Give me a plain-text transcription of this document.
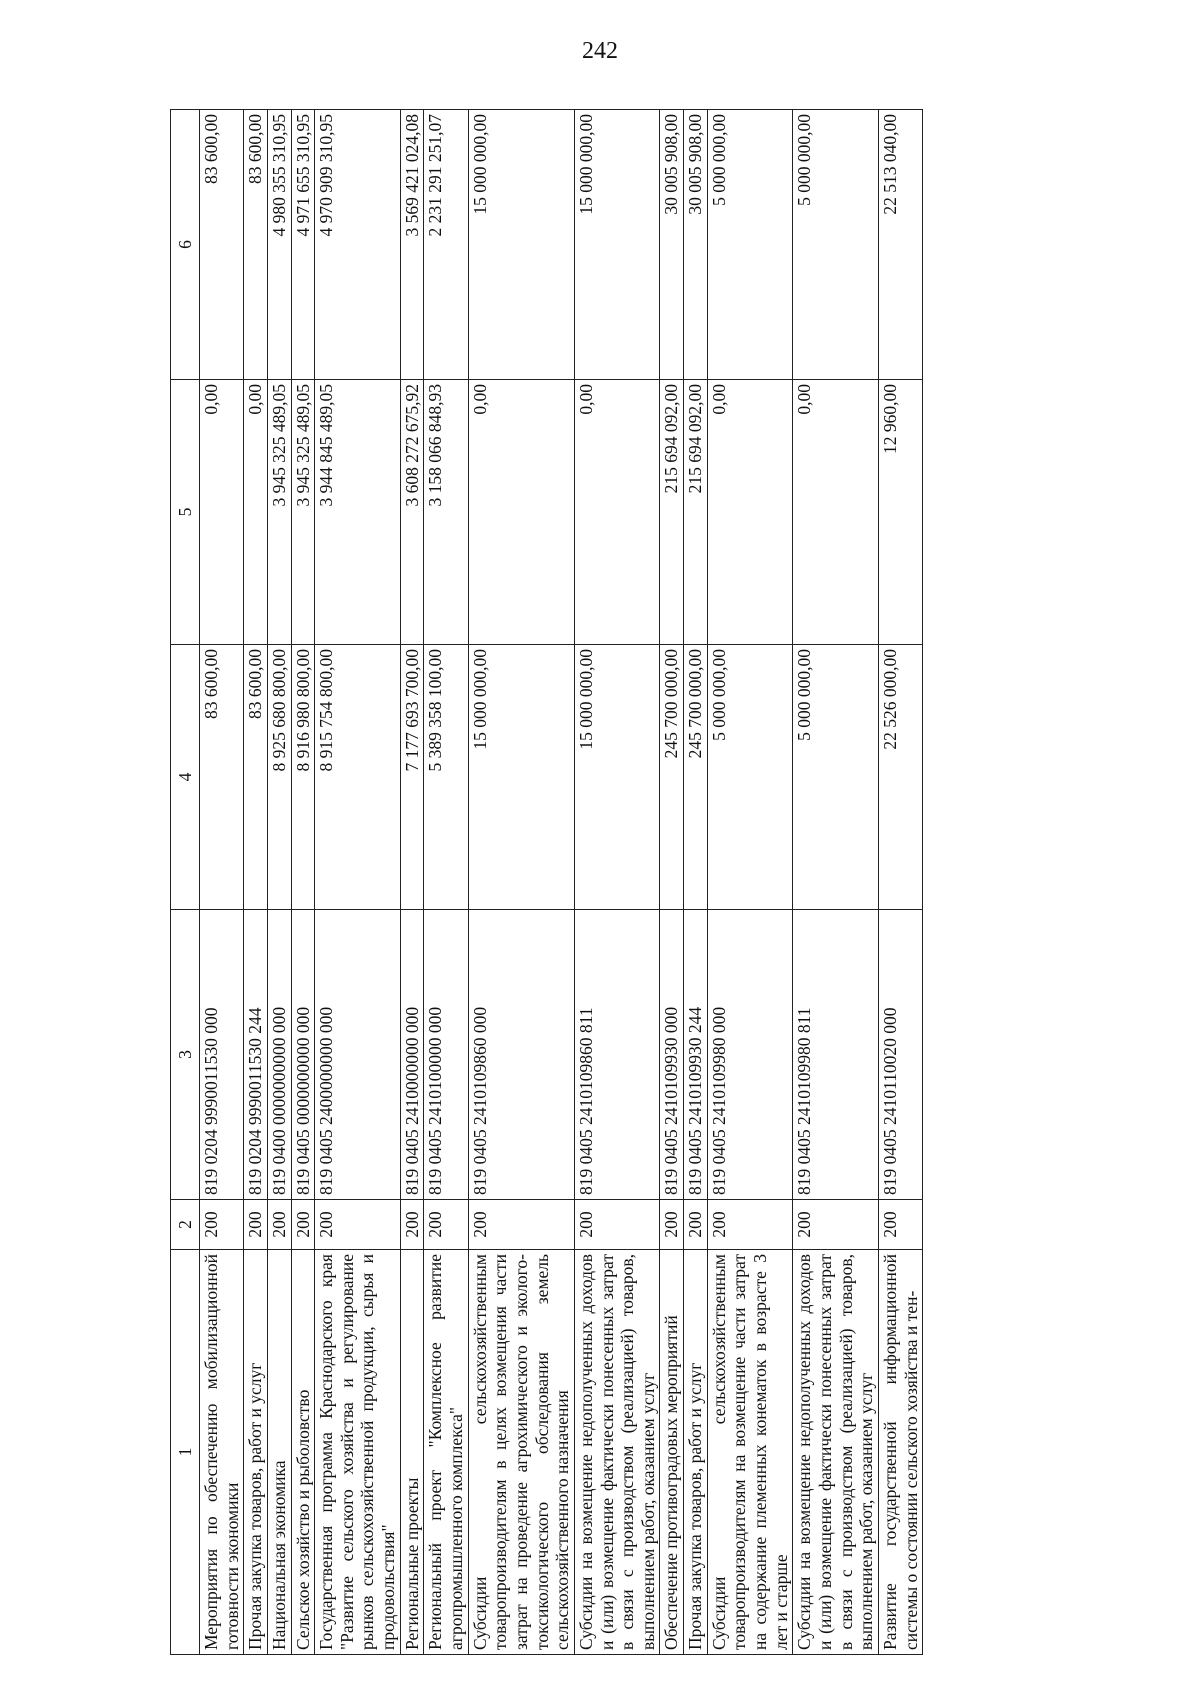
242
1	2	3	4	5	6
Мероприятия по обеспечению мобилизационной готовности экономики	200	819 0204 9990011530 000	83 600,00	0,00	83 600,00
Прочая закупка товаров, работ и услуг	200	819 0204 9990011530 244	83 600,00	0,00	83 600,00
Национальная экономика	200	819 0400 0000000000 000	8 925 680 800,00	3 945 325 489,05	4 980 355 310,95
Сельское хозяйство и рыболовство	200	819 0405 0000000000 000	8 916 980 800,00	3 945 325 489,05	4 971 655 310,95
Государственная программа Краснодарского края "Развитие сельского хозяйства и регулирование рынков сельскохозяйственной продукции, сырья и продовольствия"	200	819 0405 2400000000 000	8 915 754 800,00	3 944 845 489,05	4 970 909 310,95
Региональные проекты	200	819 0405 2410000000 000	7 177 693 700,00	3 608 272 675,92	3 569 421 024,08
Региональный проект "Комплексное развитие агропромышленного комплекса"	200	819 0405 2410100000 000	5 389 358 100,00	3 158 066 848,93	2 231 291 251,07
Субсидии сельскохозяйственным товаропроизводителям в целях возмещения части затрат на проведение агрохимического и эколого-токсикологического обследования земель сельскохозяйственного назначения	200	819 0405 2410109860 000	15 000 000,00	0,00	15 000 000,00
Субсидии на возмещение недополученных доходов и (или) возмещение фактически понесенных затрат в связи с производством (реализацией) товаров, выполнением работ, оказанием услуг	200	819 0405 2410109860 811	15 000 000,00	0,00	15 000 000,00
Обеспечение противоградовых мероприятий	200	819 0405 2410109930 000	245 700 000,00	215 694 092,00	30 005 908,00
Прочая закупка товаров, работ и услуг	200	819 0405 2410109930 244	245 700 000,00	215 694 092,00	30 005 908,00
Субсидии сельскохозяйственным товаропроизводителям на возмещение части затрат на содержание племенных конематок в возрасте 3 лет и старше	200	819 0405 2410109980 000	5 000 000,00	0,00	5 000 000,00
Субсидии на возмещение недополученных доходов и (или) возмещение фактически понесенных затрат в связи с производством (реализацией) товаров, выполнением работ, оказанием услуг	200	819 0405 2410109980 811	5 000 000,00	0,00	5 000 000,00
Развитие государственной информационной системы о состоянии сельского хозяйства и тен-	200	819 0405 2410110020 000	22 526 000,00	12 960,00	22 513 040,00
